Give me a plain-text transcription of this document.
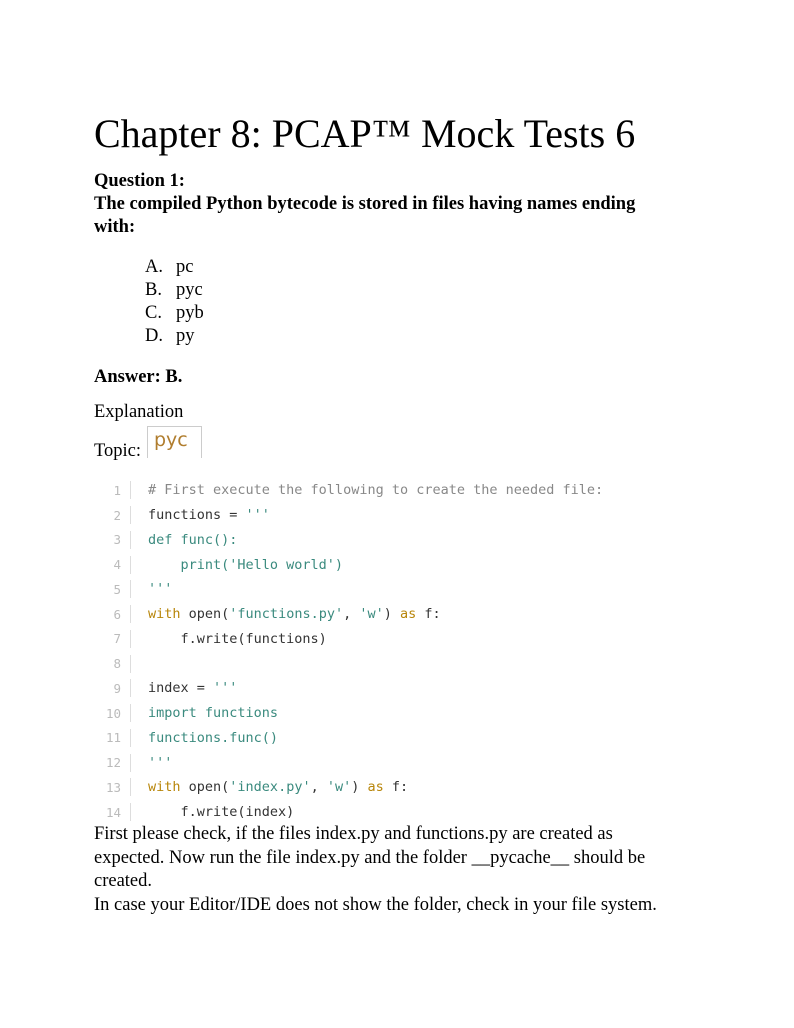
Chapter 8: PCAP™ Mock Tests 6
Question 1:
The compiled Python bytecode is stored in files having names ending
with:
A. pc
B. pyc
C. pyb
D. py
Answer: B.
Explanation
Topic: pyc
1 # First execute the following to create the needed file:
2 functions = '''
3 def func():
4 print('Hello world')
5 '''
6 with open('functions.py', 'w') as f:
7 f.write(functions)
8
9 index = '''
10 import functions
11 functions.func()
12 '''
13 with open('index.py', 'w') as f:
14 f.write(index)
First please check, if the files index.py and functions.py are created as
expected. Now run the file index.py and the folder __pycache__ should be
created.
In case your Editor/IDE does not show the folder, check in your file system.
